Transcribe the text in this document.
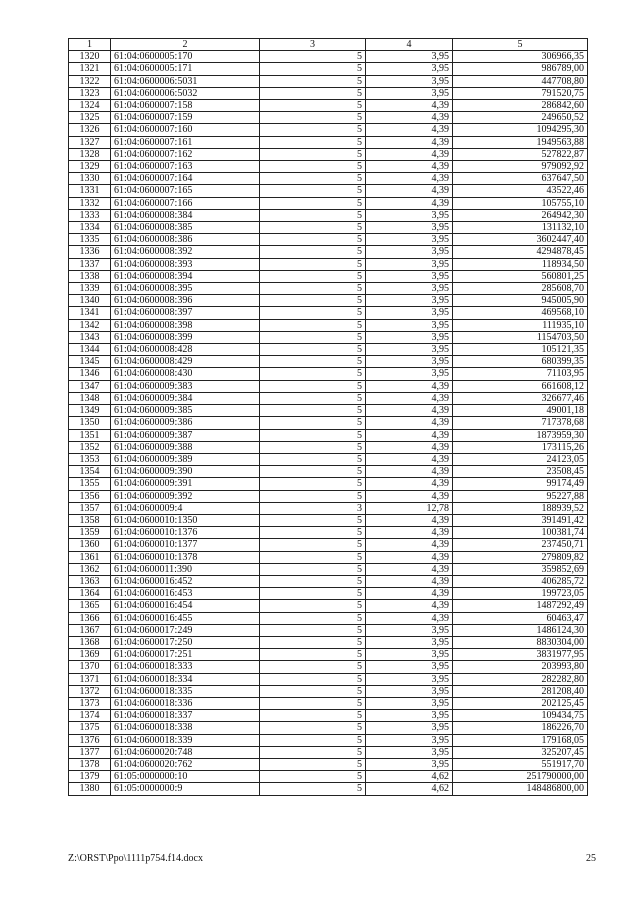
1	2	3	4	5
1320	61:04:0600005:170	5	3,95	306966,35
1321	61:04:0600005:171	5	3,95	986789,00
1322	61:04:0600006:5031	5	3,95	447708,80
1323	61:04:0600006:5032	5	3,95	791520,75
1324	61:04:0600007:158	5	4,39	286842,60
1325	61:04:0600007:159	5	4,39	249650,52
1326	61:04:0600007:160	5	4,39	1094295,30
1327	61:04:0600007:161	5	4,39	1949563,88
1328	61:04:0600007:162	5	4,39	527822,87
1329	61:04:0600007:163	5	4,39	979092,92
1330	61:04:0600007:164	5	4,39	637647,50
1331	61:04:0600007:165	5	4,39	43522,46
1332	61:04:0600007:166	5	4,39	105755,10
1333	61:04:0600008:384	5	3,95	264942,30
1334	61:04:0600008:385	5	3,95	131132,10
1335	61:04:0600008:386	5	3,95	3602447,40
1336	61:04:0600008:392	5	3,95	4294878,45
1337	61:04:0600008:393	5	3,95	118934,50
1338	61:04:0600008:394	5	3,95	560801,25
1339	61:04:0600008:395	5	3,95	285608,70
1340	61:04:0600008:396	5	3,95	945005,90
1341	61:04:0600008:397	5	3,95	469568,10
1342	61:04:0600008:398	5	3,95	111935,10
1343	61:04:0600008:399	5	3,95	1154703,50
1344	61:04:0600008:428	5	3,95	105121,35
1345	61:04:0600008:429	5	3,95	680399,35
1346	61:04:0600008:430	5	3,95	71103,95
1347	61:04:0600009:383	5	4,39	661608,12
1348	61:04:0600009:384	5	4,39	326677,46
1349	61:04:0600009:385	5	4,39	49001,18
1350	61:04:0600009:386	5	4,39	717378,68
1351	61:04:0600009:387	5	4,39	1873959,30
1352	61:04:0600009:388	5	4,39	173115,26
1353	61:04:0600009:389	5	4,39	24123,05
1354	61:04:0600009:390	5	4,39	23508,45
1355	61:04:0600009:391	5	4,39	99174,49
1356	61:04:0600009:392	5	4,39	95227,88
1357	61:04:0600009:4	3	12,78	188939,52
1358	61:04:0600010:1350	5	4,39	391491,42
1359	61:04:0600010:1376	5	4,39	100381,74
1360	61:04:0600010:1377	5	4,39	237450,71
1361	61:04:0600010:1378	5	4,39	279809,82
1362	61:04:0600011:390	5	4,39	359852,69
1363	61:04:0600016:452	5	4,39	406285,72
1364	61:04:0600016:453	5	4,39	199723,05
1365	61:04:0600016:454	5	4,39	1487292,49
1366	61:04:0600016:455	5	4,39	60463,47
1367	61:04:0600017:249	5	3,95	1486124,30
1368	61:04:0600017:250	5	3,95	8830304,00
1369	61:04:0600017:251	5	3,95	3831977,95
1370	61:04:0600018:333	5	3,95	203993,80
1371	61:04:0600018:334	5	3,95	282282,80
1372	61:04:0600018:335	5	3,95	281208,40
1373	61:04:0600018:336	5	3,95	202125,45
1374	61:04:0600018:337	5	3,95	109434,75
1375	61:04:0600018:338	5	3,95	186226,70
1376	61:04:0600018:339	5	3,95	179168,05
1377	61:04:0600020:748	5	3,95	325207,45
1378	61:04:0600020:762	5	3,95	551917,70
1379	61:05:0000000:10	5	4,62	251790000,00
1380	61:05:0000000:9	5	4,62	148486800,00
Z:\ORST\Ppo\1111p754.f14.docx	25
